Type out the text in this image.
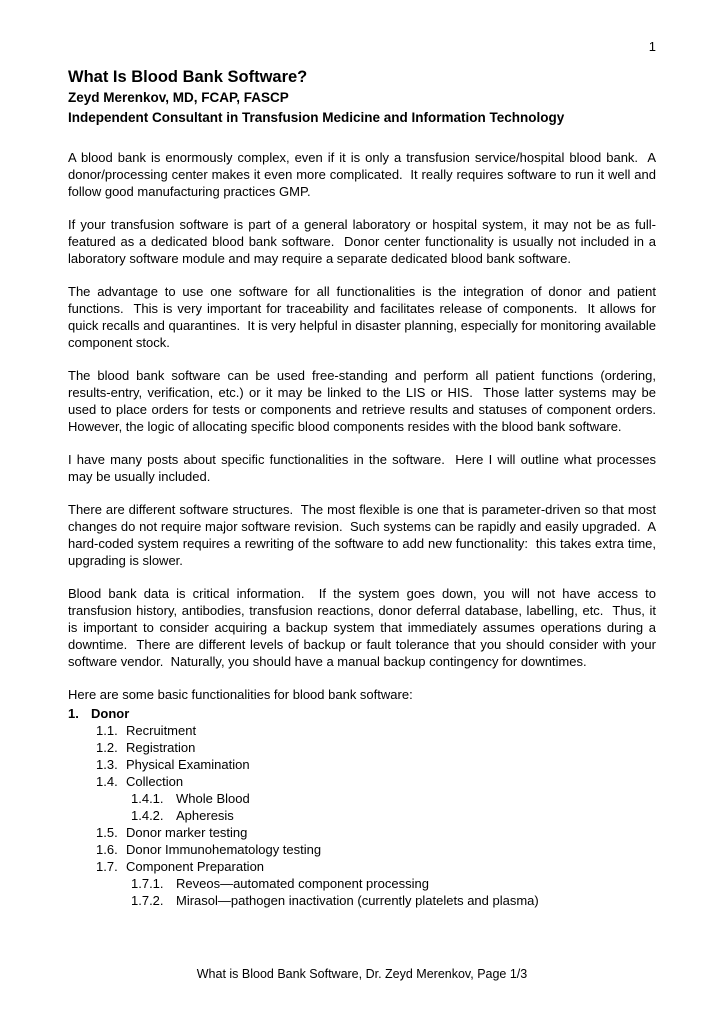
1
What Is Blood Bank Software?
Zeyd Merenkov, MD, FCAP, FASCP
Independent Consultant in Transfusion Medicine and Information Technology

A blood bank is enormously complex, even if it is only a transfusion service/hospital blood bank.  A donor/processing center makes it even more complicated.  It really requires software to run it well and follow good manufacturing practices GMP.

If your transfusion software is part of a general laboratory or hospital system, it may not be as full-featured as a dedicated blood bank software.  Donor center functionality is usually not included in a laboratory software module and may require a separate dedicated blood bank software.

The advantage to use one software for all functionalities is the integration of donor and patient functions.  This is very important for traceability and facilitates release of components.  It allows for quick recalls and quarantines.  It is very helpful in disaster planning, especially for monitoring available component stock.

The blood bank software can be used free-standing and perform all patient functions (ordering, results-entry, verification, etc.) or it may be linked to the LIS or HIS.  Those latter systems may be used to place orders for tests or components and retrieve results and statuses of component orders.  However, the logic of allocating specific blood components resides with the blood bank software.

I have many posts about specific functionalities in the software.  Here I will outline what processes may be usually included.

There are different software structures.  The most flexible is one that is parameter-driven so that most changes do not require major software revision.  Such systems can be rapidly and easily upgraded.  A hard-coded system requires a rewriting of the software to add new functionality:  this takes extra time, upgrading is slower.

Blood bank data is critical information.  If the system goes down, you will not have access to transfusion history, antibodies, transfusion reactions, donor deferral database, labelling, etc.  Thus, it is important to consider acquiring a backup system that immediately assumes operations during a downtime.  There are different levels of backup or fault tolerance that you should consider with your software vendor.  Naturally, you should have a manual backup contingency for downtimes.

Here are some basic functionalities for blood bank software:

1. Donor
1.1. Recruitment
1.2. Registration
1.3. Physical Examination
1.4. Collection
1.4.1. Whole Blood
1.4.2. Apheresis
1.5. Donor marker testing
1.6. Donor Immunohematology testing
1.7. Component Preparation
1.7.1. Reveos—automated component processing
1.7.2. Mirasol—pathogen inactivation (currently platelets and plasma)
What is Blood Bank Software, Dr. Zeyd Merenkov, Page 1/3
